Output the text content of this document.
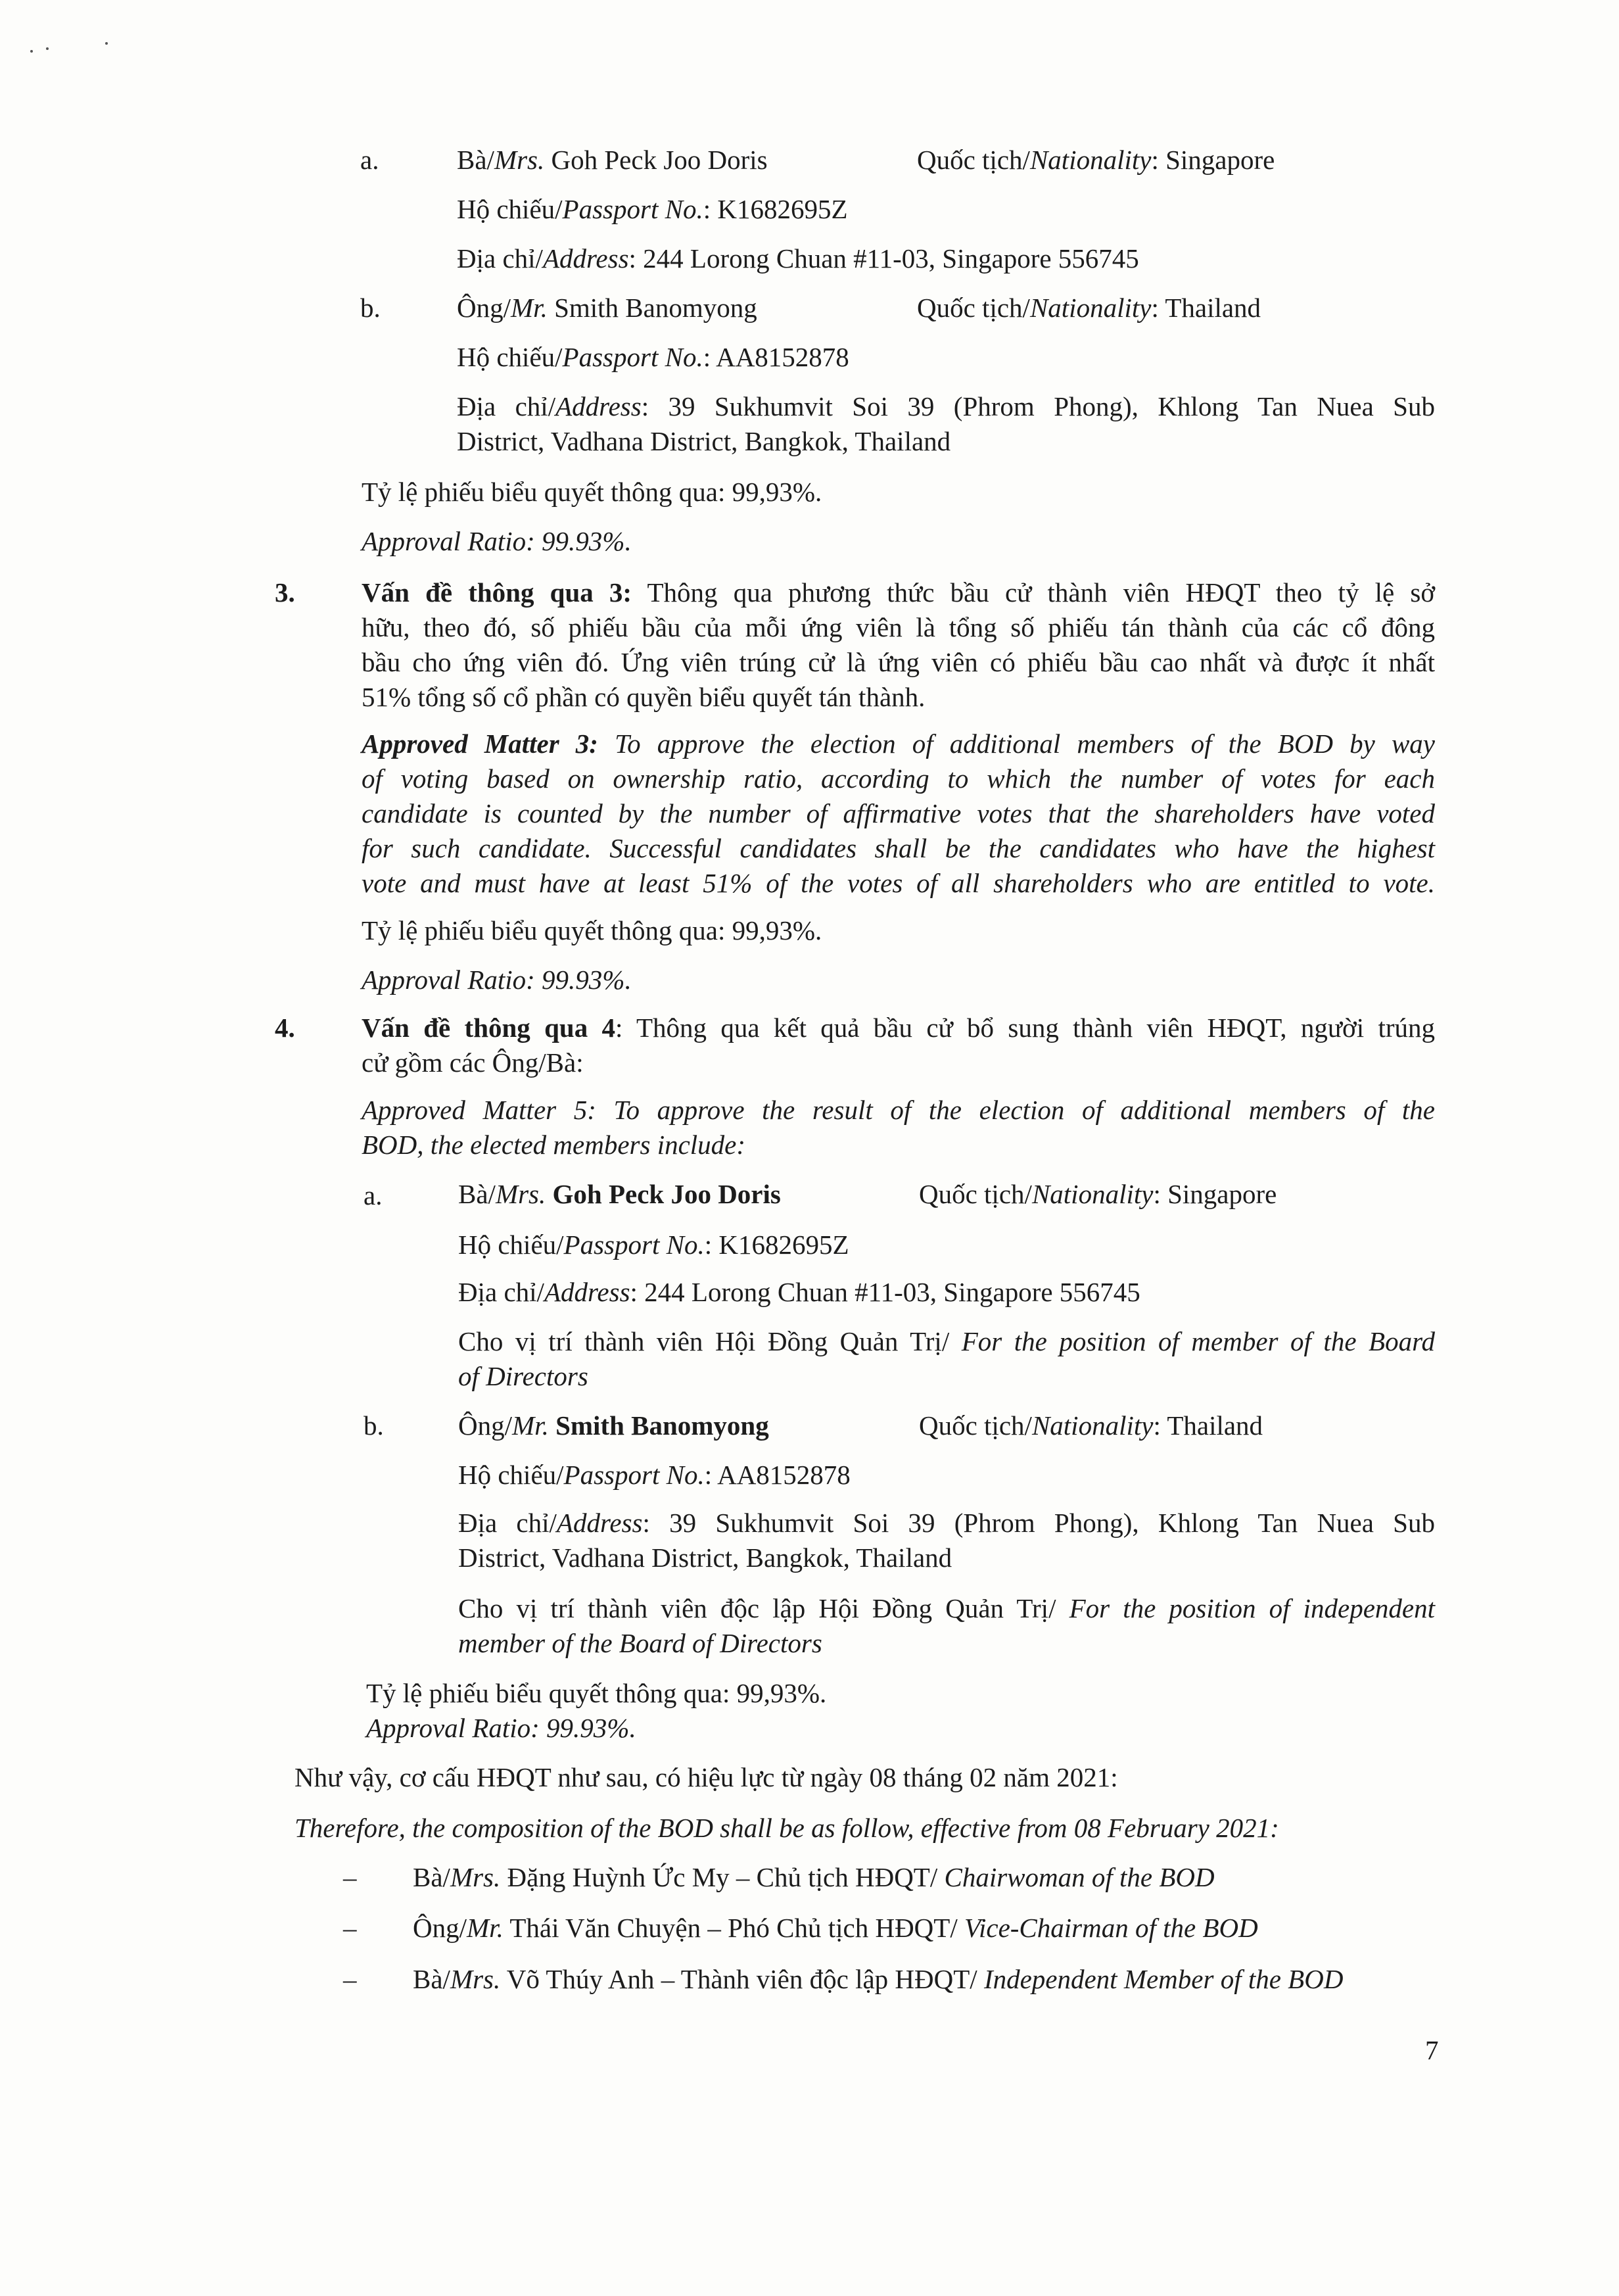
a.	Bà/Mrs. Goh Peck Joo Doris	Quốc tịch/Nationality: Singapore
Hộ chiếu/Passport No.: K1682695Z
Địa chỉ/Address: 244 Lorong Chuan #11-03, Singapore 556745
b.	Ông/Mr. Smith Banomyong	Quốc tịch/Nationality: Thailand
Hộ chiếu/Passport No.: AA8152878
Địa chỉ/Address: 39 Sukhumvit Soi 39 (Phrom Phong), Khlong Tan Nuea Sub
District, Vadhana District, Bangkok, Thailand
Tỷ lệ phiếu biểu quyết thông qua: 99,93%.
Approval Ratio: 99.93%.
3. Vấn đề thông qua 3: Thông qua phương thức bầu cử thành viên HĐQT theo tỷ lệ sở
hữu, theo đó, số phiếu bầu của mỗi ứng viên là tổng số phiếu tán thành của các cổ đông
bầu cho ứng viên đó. Ứng viên trúng cử là ứng viên có phiếu bầu cao nhất và được ít nhất
51% tổng số cổ phần có quyền biểu quyết tán thành.
Approved Matter 3: To approve the election of additional members of the BOD by way
of voting based on ownership ratio, according to which the number of votes for each
candidate is counted by the number of affirmative votes that the shareholders have voted
for such candidate. Successful candidates shall be the candidates who have the highest
vote and must have at least 51% of the votes of all shareholders who are entitled to vote.
Tỷ lệ phiếu biểu quyết thông qua: 99,93%.
Approval Ratio: 99.93%.
4. Vấn đề thông qua 4: Thông qua kết quả bầu cử bổ sung thành viên HĐQT, người trúng
cử gồm các Ông/Bà:
Approved Matter 5: To approve the result of the election of additional members of the
BOD, the elected members include:
a.	Bà/Mrs. Goh Peck Joo Doris	Quốc tịch/Nationality: Singapore
Hộ chiếu/Passport No.: K1682695Z
Địa chỉ/Address: 244 Lorong Chuan #11-03, Singapore 556745
Cho vị trí thành viên Hội Đồng Quản Trị/ For the position of member of the Board
of Directors
b.	Ông/Mr. Smith Banomyong	Quốc tịch/Nationality: Thailand
Hộ chiếu/Passport No.: AA8152878
Địa chỉ/Address: 39 Sukhumvit Soi 39 (Phrom Phong), Khlong Tan Nuea Sub
District, Vadhana District, Bangkok, Thailand
Cho vị trí thành viên độc lập Hội Đồng Quản Trị/ For the position of independent
member of the Board of Directors
Tỷ lệ phiếu biểu quyết thông qua: 99,93%.
Approval Ratio: 99.93%.
Như vậy, cơ cấu HĐQT như sau, có hiệu lực từ ngày 08 tháng 02 năm 2021:
Therefore, the composition of the BOD shall be as follow, effective from 08 February 2021:
– Bà/Mrs. Đặng Huỳnh Ức My – Chủ tịch HĐQT/ Chairwoman of the BOD
– Ông/Mr. Thái Văn Chuyện – Phó Chủ tịch HĐQT/ Vice-Chairman of the BOD
– Bà/Mrs. Võ Thúy Anh – Thành viên độc lập HĐQT/ Independent Member of the BOD
7
